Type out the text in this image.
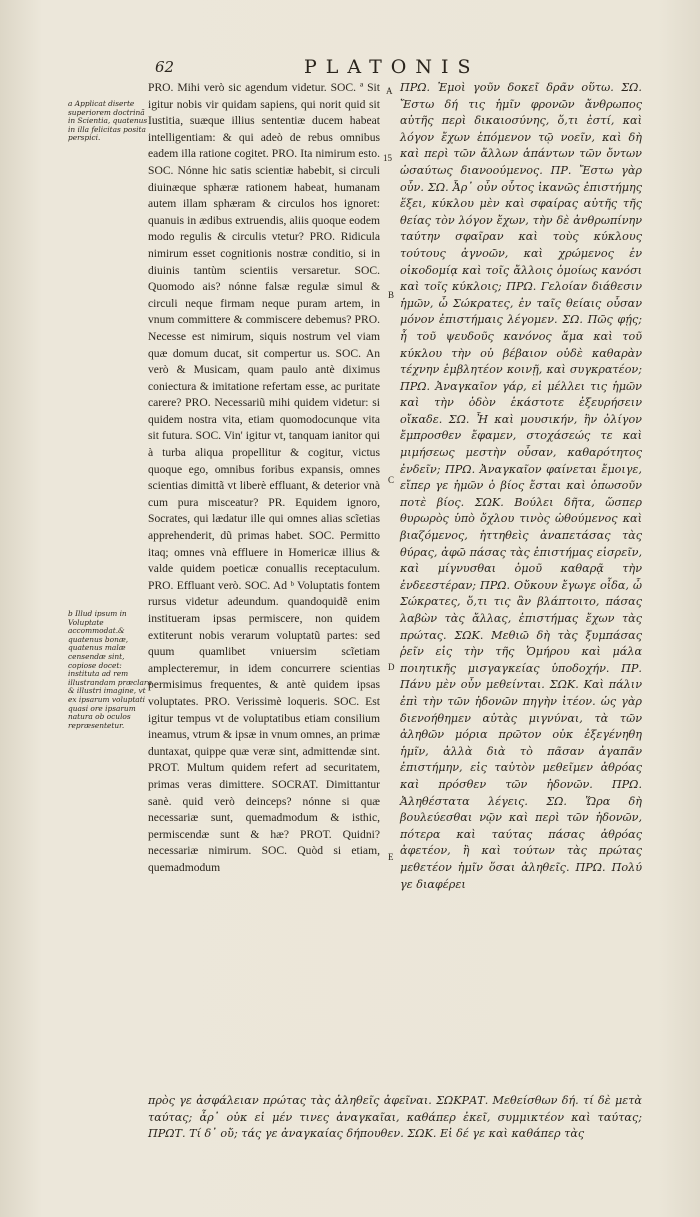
62	PLATONIS

a Applicat diserte superiorem doctrinã in Scientia, quatenus in illa felicitas posita perspici.

b Illud ipsum in Voluptate accommodat.& quatenus bonæ, quatenus malæ censendæ sint, copiose docet: instituta ad rem illustrandam præclara & illustri imagine, vt ex ipsarum voluptati quasi ore ipsarum natura ob oculos repræsentetur.

PRO. Mihi verò sic agendum videtur. SOC. ª Sit igitur nobis vir quidam sapiens, qui norit quid sit Iustitia, suæque illius sententiæ ducem habeat intelligentiam: & qui adeò de rebus omnibus eadem illa ratione cogitet. PRO. Ita nimirum esto. SOC. Nónne hic satis scientiæ habebit, si circuli diuinæque sphæræ rationem habeat, humanam autem illam sphæram & circulos hos ignoret: quanuis in ædibus extruendis, aliis quoque eodem modo regulis & circulis vtetur? PRO. Ridicula nimirum esset cognitionis nostræ conditio, si in diuinis tantùm scientiis versaretur. SOC. Quomodo ais? nónne falsæ regulæ simul & circuli neque firmam neque puram artem, in vnum committere & commiscere debemus? PRO. Necesse est nimirum, siquis nostrum vel viam quæ domum ducat, sit compertur us. SOC. An verò & Musicam, quam paulo antè diximus coniectura & imitatione refertam esse, ac puritate carere? PRO. Necessariũ mihi quidem videtur: si quidem nostra vita, etiam quomodocunque vita sit futura. SOC. Vin' igitur vt, tanquam ianitor qui à turba aliqua propellitur & cogitur, victus quoque ego, omnibus foribus expansis, omnes scientias dimittã vt liberè effluant, & deterior vnà cum pura misceatur? PR. Equidem ignoro, Socrates, qui lædatur ille qui omnes alias scĩetias apprehenderit, dũ primas habet. SOC. Permitto itaq; omnes vnà effluere in Homericæ illius & valde quidem poeticæ conuallis receptaculum. PRO. Effluant verò. SOC. Ad ᵇ Voluptatis fontem rursus videtur adeundum. quandoquidẽ enim institueram ipsas permiscere, non quidem extiterunt nobis verarum voluptatũ partes: sed quum quamlibet vniuersim scĩetiam amplecteremur, in idem concurrere scientias permisimus frequentes, & antè quidem ipsas voluptates. PRO. Verissimè loqueris. SOC. Est igitur tempus vt de voluptatibus etiam consilium ineamus, vtrum & ipsæ in vnum omnes, an primæ duntaxat, quippe quæ veræ sint, admittendæ sint. PROT. Multum quidem refert ad securitatem, primas veras dimittere. SOCRAT. Dimittantur sanè. quid verò deinceps? nónne si quæ necessariæ sunt, quemadmodum & isthic, permiscendæ sunt & hæ? PROT. Quidni? necessariæ nimirum. SOC. Quòd si etiam, quemadmodum

A
15
B
C
D
E

ΠΡΩ. Ἐμοὶ γοῦν δοκεῖ δρᾶν οὕτω. ΣΩ. Ἔστω δή τις ἡμῖν φρονῶν ἄνθρωπος αὐτῆς περὶ δικαιοσύνης, ὅ,τι ἐστί, καὶ λόγον ἔχων ἑπόμενον τῷ νοεῖν, καὶ δὴ καὶ περὶ τῶν ἄλλων ἁπάντων τῶν ὄντων ὡσαύτως διανοούμενος. ΠΡ. Ἔστω γὰρ οὖν. ΣΩ. Ἆρ᾽ οὖν οὗτος ἱκανῶς ἐπιστήμης ἕξει, κύκλου μὲν καὶ σφαίρας αὐτῆς τῆς θείας τὸν λόγον ἔχων, τὴν δὲ ἀνθρωπίνην ταύτην σφαῖραν καὶ τοὺς κύκλους τούτους ἀγνοῶν, καὶ χρώμενος ἐν οἰκοδομίᾳ καὶ τοῖς ἄλλοις ὁμοίως κανόσι καὶ τοῖς κύκλοις; ΠΡΩ. Γελοίαν διάθεσιν ἡμῶν, ὦ Σώκρατες, ἐν ταῖς θείαις οὖσαν μόνον ἐπιστήμαις λέγομεν. ΣΩ. Πῶς φῄς; ἦ τοῦ ψευδοῦς κανόνος ἅμα καὶ τοῦ κύκλου τὴν οὐ βέβαιον οὐδὲ καθαρὰν τέχνην ἐμβλητέον κοινῇ, καὶ συγκρατέον; ΠΡΩ. Ἀναγκαῖον γάρ, εἰ μέλλει τις ἡμῶν καὶ τὴν ὁδὸν ἑκάστοτε ἐξευρήσειν οἴκαδε. ΣΩ. Ἦ καὶ μουσικήν, ἣν ὀλίγον ἔμπροσθεν ἔφαμεν, στοχάσεώς τε καὶ μιμήσεως μεστὴν οὖσαν, καθαρότητος ἐνδεῖν; ΠΡΩ. Ἀναγκαῖον φαίνεται ἔμοιγε, εἴπερ γε ἡμῶν ὁ βίος ἔσται καὶ ὁπωσοῦν ποτὲ βίος. ΣΩΚ. Βούλει δῆτα, ὥσπερ θυρωρὸς ὑπὸ ὄχλου τινὸς ὠθούμενος καὶ βιαζόμενος, ἡττηθεὶς ἀναπετάσας τὰς θύρας, ἀφῶ πάσας τὰς ἐπιστήμας εἰσρεῖν, καὶ μίγνυσθαι ὁμοῦ καθαρᾷ τὴν ἐνδεεστέραν; ΠΡΩ. Οὔκουν ἔγωγε οἶδα, ὦ Σώκρατες, ὅ,τι τις ἂν βλάπτοιτο, πάσας λαβὼν τὰς ἄλλας, ἐπιστήμας ἔχων τὰς πρώτας. ΣΩΚ. Μεθιῶ δὴ τὰς ξυμπάσας ῥεῖν εἰς τὴν τῆς Ὁμήρου καὶ μάλα ποιητικῆς μισγαγκείας ὑποδοχήν. ΠΡ. Πάνυ μὲν οὖν μεθείνται. ΣΩΚ. Καὶ πάλιν ἐπὶ τὴν τῶν ἡδονῶν πηγὴν ἰτέον. ὡς γὰρ διενοήθημεν αὐτὰς μιγνύναι, τὰ τῶν ἀληθῶν μόρια πρῶτον οὐκ ἐξεγένηθη ἡμῖν, ἀλλὰ διὰ τὸ πᾶσαν ἀγαπᾶν ἐπιστήμην, εἰς ταὐτὸν μεθεῖμεν ἀθρόας καὶ πρόσθεν τῶν ἡδονῶν. ΠΡΩ. Ἀληθέστατα λέγεις. ΣΩ. Ὥρα δὴ βουλεύεσθαι νῷν καὶ περὶ τῶν ἡδονῶν, πότερα καὶ ταύτας πάσας ἀθρόας ἀφετέον, ἢ καὶ τούτων τὰς πρώτας μεθετέον ἡμῖν ὅσαι ἀληθεῖς. ΠΡΩ. Πολύ γε διαφέρει

πρὸς γε ἀσφάλειαν πρώτας τὰς ἀληθεῖς ἀφεῖναι. ΣΩΚΡΑΤ. Μεθείσθων δή. τί δὲ μετὰ ταύτας; ἆρ᾽ οὐκ εἰ μέν τινες ἀναγκαῖαι, καθάπερ ἐκεῖ, συμμικτέον καὶ ταύτας; ΠΡΩΤ. Τί δ᾽ οὔ; τάς γε ἀναγκαίας δήπουθεν. ΣΩΚ. Εἰ δέ γε καὶ καθάπερ τὰς
